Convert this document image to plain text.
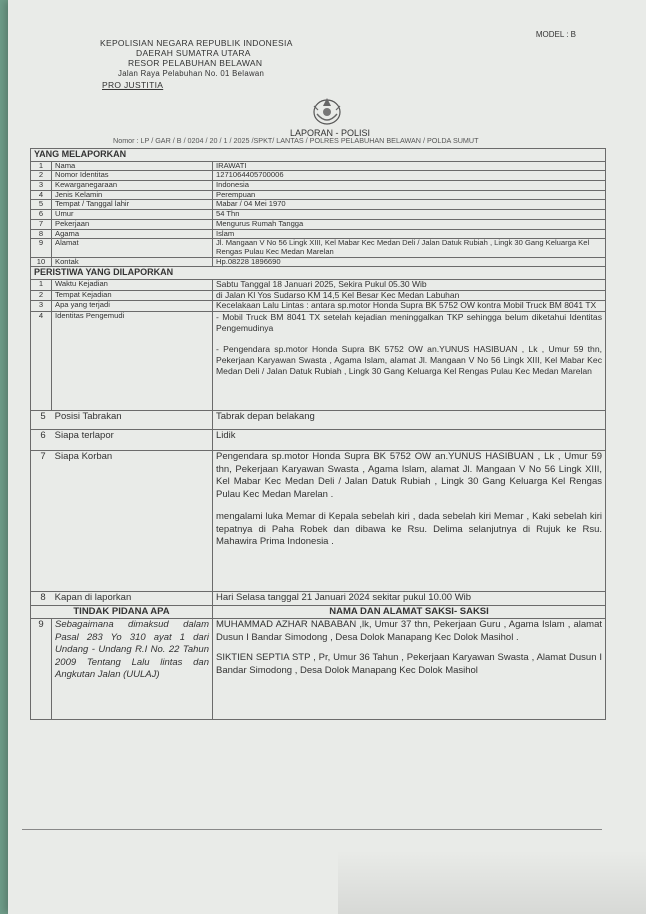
KEPOLISIAN NEGARA REPUBLIK INDONESIA
DAERAH SUMATRA UTARA
RESOR PELABUHAN BELAWAN
Jalan Raya Pelabuhan No. 01 Belawan
PRO JUSTITIA
MODEL : B
LAPORAN - POLISI
Nomor : LP / GAR / B / 0204 / 20 / 1 / 2025 /SPKT/ LANTAS / POLRES PELABUHAN BELAWAN / POLDA SUMUT
YANG MELAPORKAN		
1	Nama	IRAWATI
2	Nomor Identitas	1271064405700006
3	Kewarganegaraan	Indonesia
4	Jenis Kelamin	Perempuan
5	Tempat / Tanggal lahir	Mabar / 04 Mei 1970
6	Umur	54 Thn
7	Pekerjaan	Mengurus Rumah Tangga
8	Agama	Islam
9	Alamat	Jl. Mangaan V No 56 Lingk XIII, Kel Mabar Kec Medan Deli / Jalan Datuk Rubiah , Lingk 30 Gang Keluarga Kel Rengas Pulau Kec Medan Marelan
10	Kontak	Hp.08228 1896690
PERISTIWA YANG DILAPORKAN		
1	Waktu Kejadian	Sabtu Tanggal 18 Januari 2025, Sekira Pukul 05.30 Wib
2	Tempat Kejadian	di Jalan Kl Yos Sudarso KM 14,5 Kel Besar Kec Medan Labuhan
3	Apa yang terjadi	Kecelakaan Lalu Lintas : antara sp.motor Honda Supra BK 5752 OW kontra Mobil Truck BM 8041 TX
4	Identitas Pengemudi	- Mobil Truck BM 8041 TX setelah kejadian meninggalkan TKP sehingga belum diketahui Identitas Pengemudinya
- Pengendara sp.motor Honda Supra BK 5752 OW an.YUNUS HASIBUAN , Lk , Umur 59 thn, Pekerjaan Karyawan Swasta , Agama Islam, alamat Jl. Mangaan V No 56 Lingk XIII, Kel Mabar Kec Medan Deli / Jalan Datuk Rubiah , Lingk 30 Gang Keluarga Kel Rengas Pulau Kec Medan Marelan

5 Posisi Tabrakan		Tabrak depan belakang
6 Siapa terlapor		Lidik
7 Siapa Korban		Pengendara sp.motor Honda Supra BK 5752 OW an.YUNUS HASIBUAN , Lk , Umur 59 thn, Pekerjaan Karyawan Swasta , Agama Islam, alamat Jl. Mangaan V No 56 Lingk XIII, Kel Mabar Kec Medan Deli / Jalan Datuk Rubiah , Lingk 30 Gang Keluarga Kel Rengas Pulau Kec Medan Marelan .
mengalami luka Memar di Kepala sebelah kiri , dada sebelah kiri Memar , Kaki sebelah kiri tepatnya di Paha Robek dan dibawa ke Rsu. Delima selanjutnya di Rujuk ke Rsu. Mahawira Prima Indonesia .

8 Kapan di laporkan		Hari Selasa tanggal 21 Januari 2024 sekitar pukul 10.00 Wib
TINDAK PIDANA APA		NAMA DAN ALAMAT SAKSI- SAKSI
9	Sebagaimana dimaksud dalam Pasal 283 Yo 310 ayat 1 dari Undang - Undang R.I No. 22 Tahun 2009 Tentang Lalu lintas dan Angkutan Jalan (UULAJ)	MUHAMMAD AZHAR NABABAN ,lk, Umur 37 thn, Pekerjaan Guru , Agama Islam , alamat Dusun I Bandar Simodong , Desa Dolok Manapang Kec Dolok Masihol .
SIKTIEN SEPTIA STP , Pr, Umur 36 Tahun , Pekerjaan Karyawan Swasta , Alamat Dusun I Bandar Simodong , Desa Dolok Manapang Kec Dolok Masihol
